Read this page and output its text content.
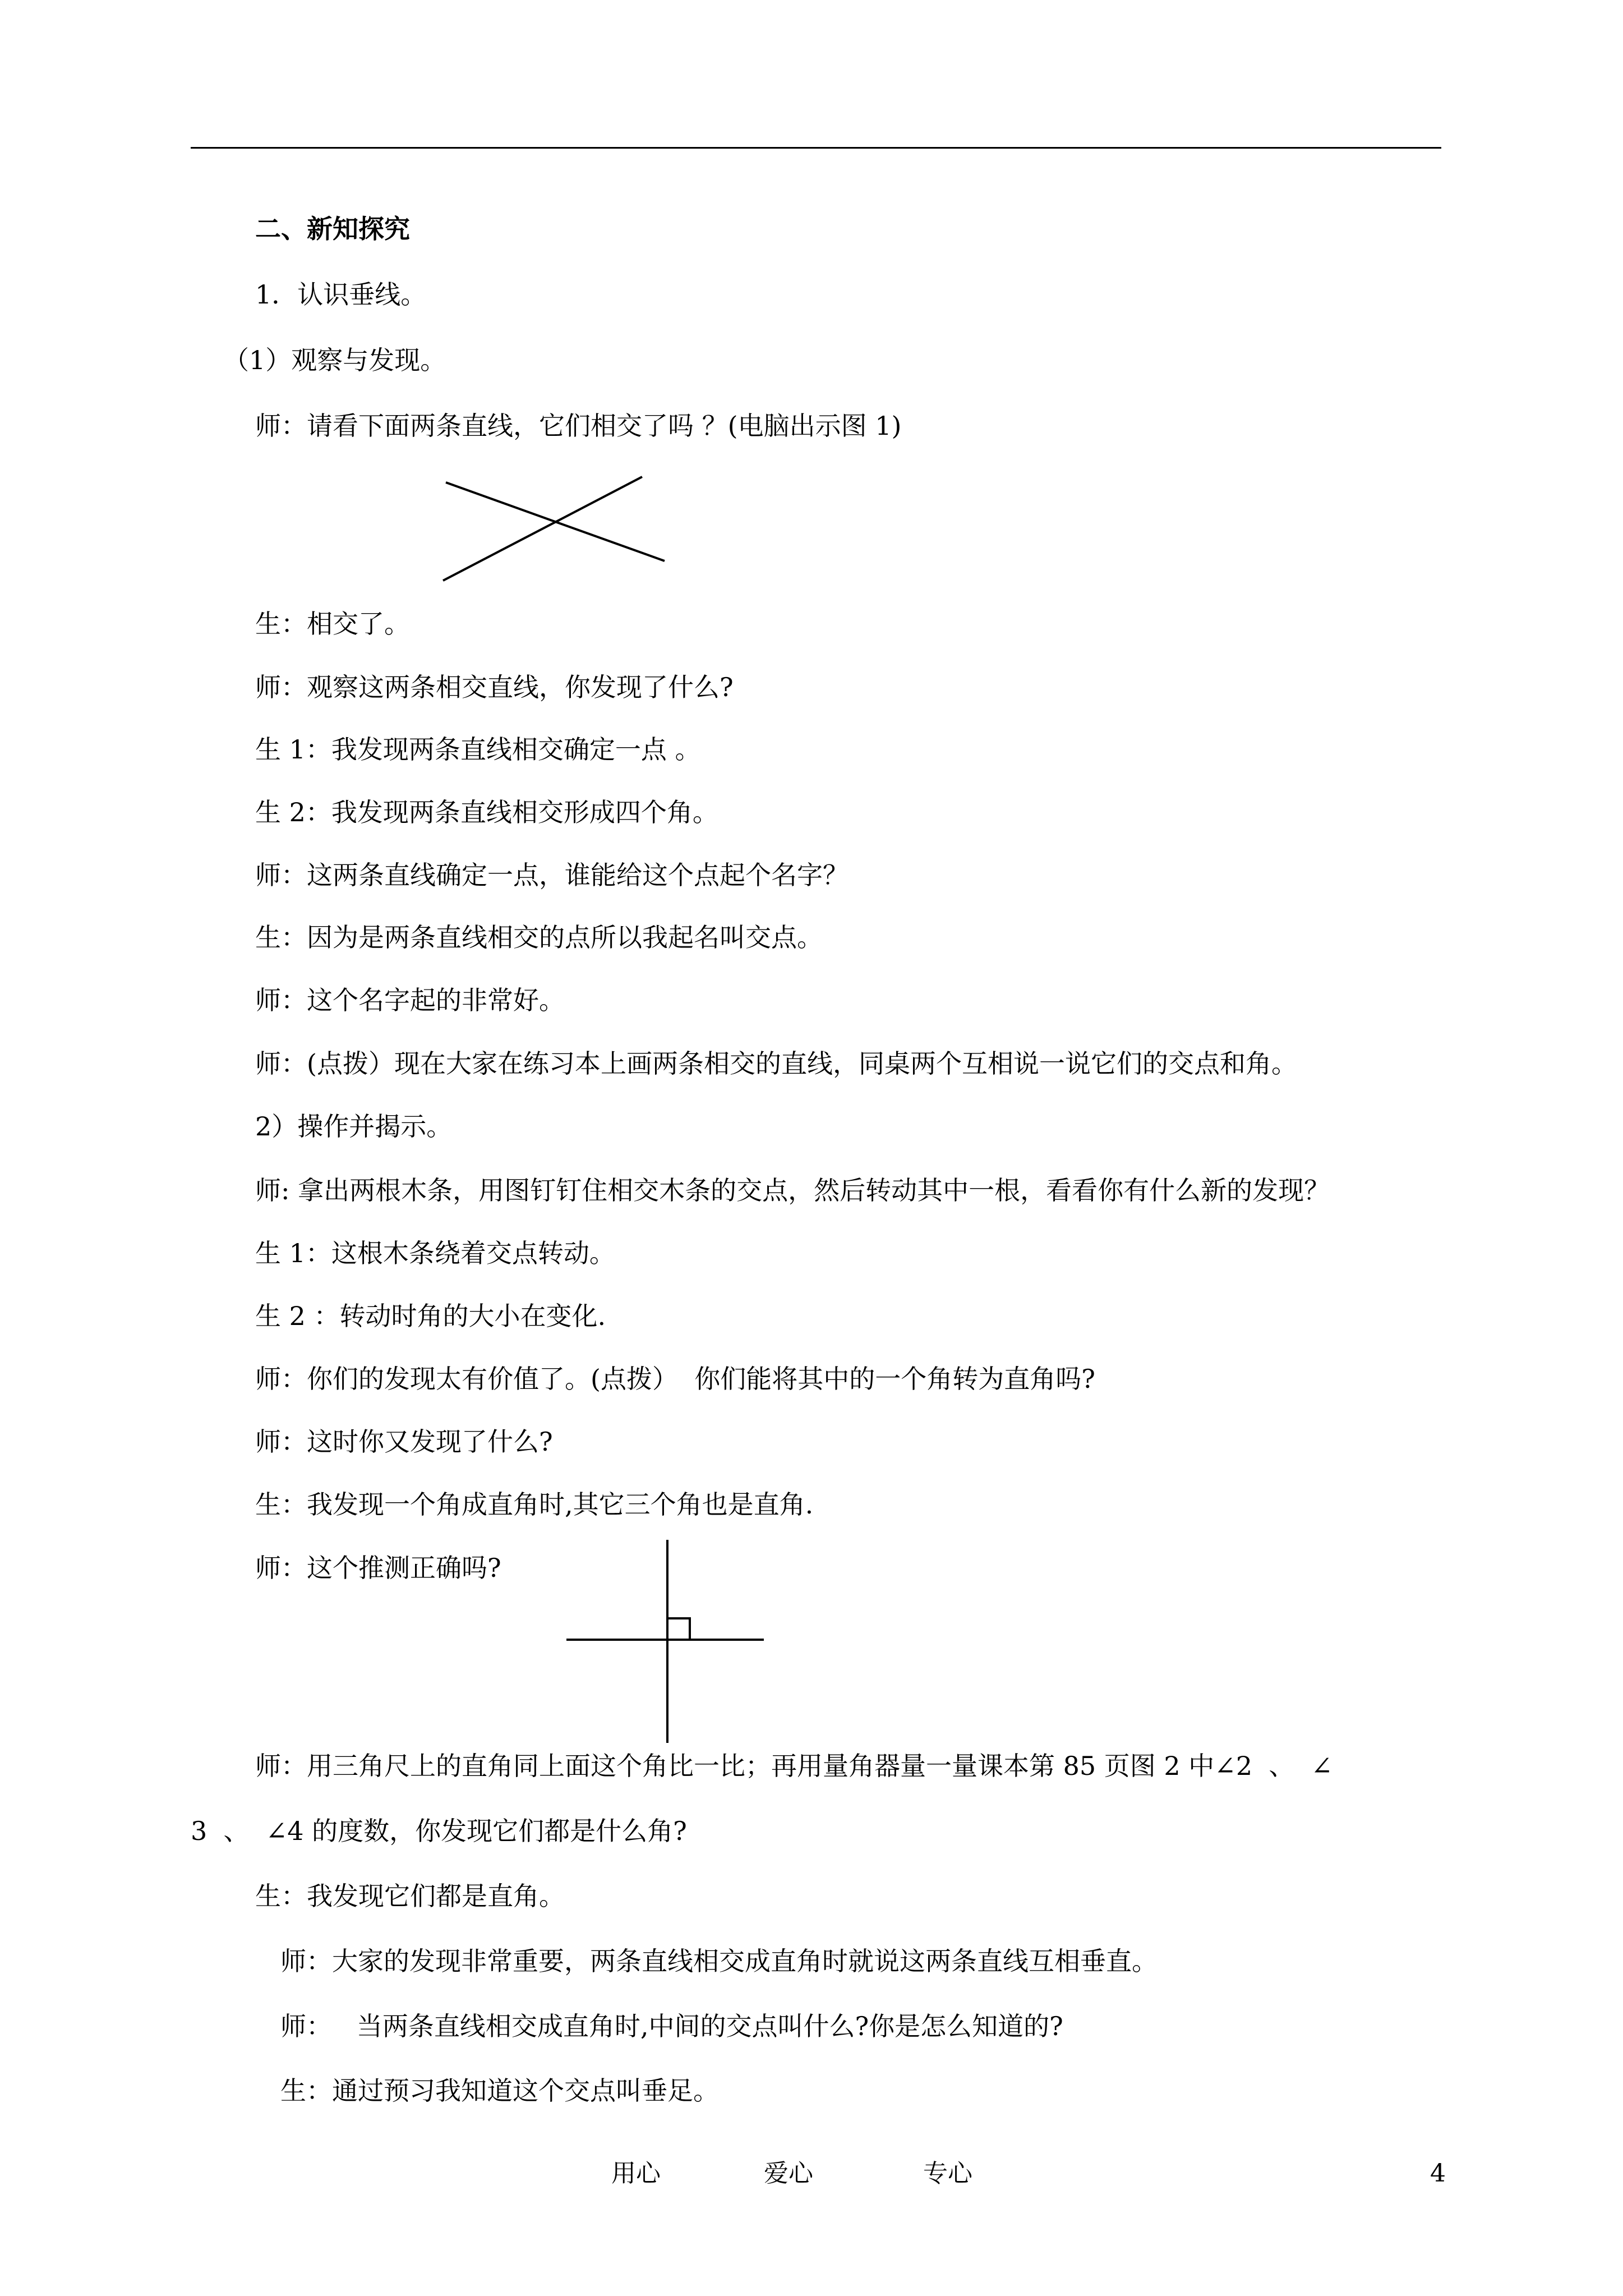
二、新知探究
1．认识垂线。
（1）观察与发现。
师：请看下面两条直线，它们相交了吗 ？(电脑出示图 1)
生：相交了。
师：观察这两条相交直线，你发现了什么?
生 1：我发现两条直线相交确定一点 。
生 2：我发现两条直线相交形成四个角。
师：这两条直线确定一点，谁能给这个点起个名字？
生：因为是两条直线相交的点所以我起名叫交点。
师：这个名字起的非常好。
师：(点拨）现在大家在练习本上画两条相交的直线，同桌两个互相说一说它们的交点和角。
2）操作并揭示。
师: 拿出两根木条，用图钉钉住相交木条的交点，然后转动其中一根，看看你有什么新的发现？
生 1：这根木条绕着交点转动。
生 2 ：转动时角的大小在变化.
师：你们的发现太有价值了。(点拨）  你们能将其中的一个角转为直角吗?
师：这时你又发现了什么?
生：我发现一个角成直角时,其它三个角也是直角.
师：这个推测正确吗?
师：用三角尺上的直角同上面这个角比一比；再用量角器量一量课本第 85 页图 2 中∠2  、  ∠
3  、  ∠4 的度数，你发现它们都是什么角?
生：我发现它们都是直角。
师：大家的发现非常重要，两条直线相交成直角时就说这两条直线互相垂直。
师：   当两条直线相交成直角时,中间的交点叫什么?你是怎么知道的?
生：通过预习我知道这个交点叫垂足。
用心	爱心	专心	4
